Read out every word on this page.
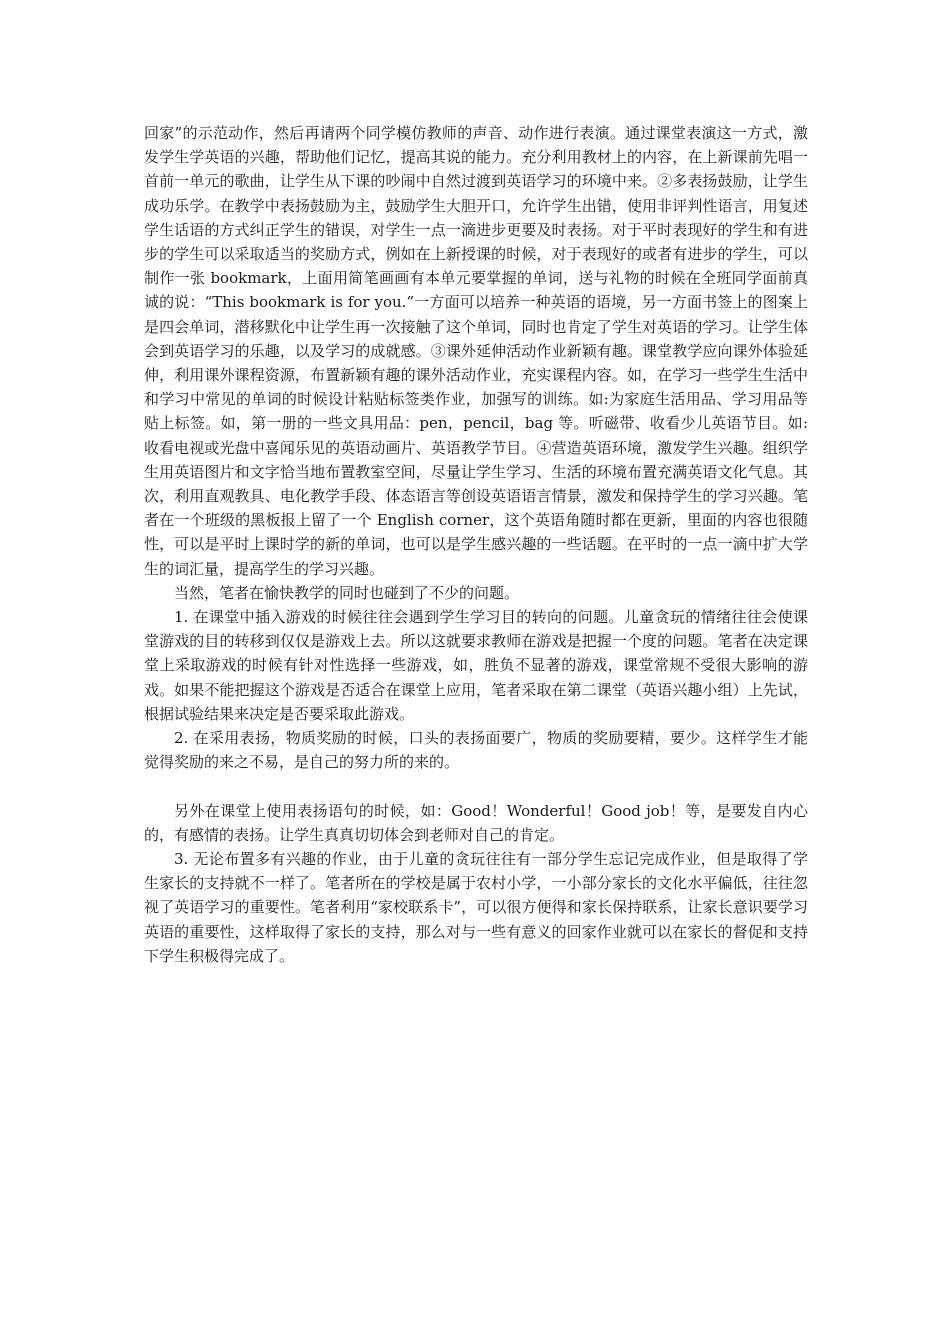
回家”的示范动作，然后再请两个同学模仿教师的声音、动作进行表演。通过课堂表演这一方式，激发学生学英语的兴趣，帮助他们记忆，提高其说的能力。充分利用教材上的内容，在上新课前先唱一首前一单元的歌曲，让学生从下课的吵闹中自然过渡到英语学习的环境中来。②多表扬鼓励，让学生成功乐学。在教学中表扬鼓励为主，鼓励学生大胆开口，允许学生出错，使用非评判性语言，用复述学生话语的方式纠正学生的错误，对学生一点一滴进步更要及时表扬。对于平时表现好的学生和有进步的学生可以采取适当的奖励方式，例如在上新授课的时候，对于表现好的或者有进步的学生，可以制作一张 bookmark，上面用简笔画画有本单元要掌握的单词，送与礼物的时候在全班同学面前真诚的说：“This bookmark is for you.”一方面可以培养一种英语的语境，另一方面书签上的图案上是四会单词，潜移默化中让学生再一次接触了这个单词，同时也肯定了学生对英语的学习。让学生体会到英语学习的乐趣，以及学习的成就感。③课外延伸活动作业新颖有趣。课堂教学应向课外体验延伸，利用课外课程资源，布置新颖有趣的课外活动作业，充实课程内容。如，在学习一些学生生活中和学习中常见的单词的时候设计粘贴标签类作业，加强写的训练。如:为家庭生活用品、学习用品等贴上标签。如，第一册的一些文具用品：pen，pencil，bag 等。听磁带、收看少儿英语节目。如:收看电视或光盘中喜闻乐见的英语动画片、英语教学节目。④营造英语环境，激发学生兴趣。组织学生用英语图片和文字恰当地布置教室空间，尽量让学生学习、生活的环境布置充满英语文化气息。其次，利用直观教具、电化教学手段、体态语言等创设英语语言情景，激发和保持学生的学习兴趣。笔者在一个班级的黑板报上留了一个 English corner，这个英语角随时都在更新，里面的内容也很随性，可以是平时上课时学的新的单词，也可以是学生感兴趣的一些话题。在平时的一点一滴中扩大学生的词汇量，提高学生的学习兴趣。

当然，笔者在愉快教学的同时也碰到了不少的问题。

1. 在课堂中插入游戏的时候往往会遇到学生学习目的转向的问题。儿童贪玩的情绪往往会使课堂游戏的目的转移到仅仅是游戏上去。所以这就要求教师在游戏是把握一个度的问题。笔者在决定课堂上采取游戏的时候有针对性选择一些游戏，如，胜负不显著的游戏，课堂常规不受很大影响的游戏。如果不能把握这个游戏是否适合在课堂上应用，笔者采取在第二课堂（英语兴趣小组）上先试，根据试验结果来决定是否要采取此游戏。

2. 在采用表扬，物质奖励的时候，口头的表扬面要广，物质的奖励要精，要少。这样学生才能觉得奖励的来之不易，是自己的努力所的来的。

另外在课堂上使用表扬语句的时候，如：Good！Wonderful！Good job！等，是要发自内心的，有感情的表扬。让学生真真切切体会到老师对自己的肯定。

3. 无论布置多有兴趣的作业，由于儿童的贪玩往往有一部分学生忘记完成作业，但是取得了学生家长的支持就不一样了。笔者所在的学校是属于农村小学，一小部分家长的文化水平偏低，往往忽视了英语学习的重要性。笔者利用“家校联系卡”，可以很方便得和家长保持联系，让家长意识要学习英语的重要性，这样取得了家长的支持，那么对与一些有意义的回家作业就可以在家长的督促和支持下学生积极得完成了。
